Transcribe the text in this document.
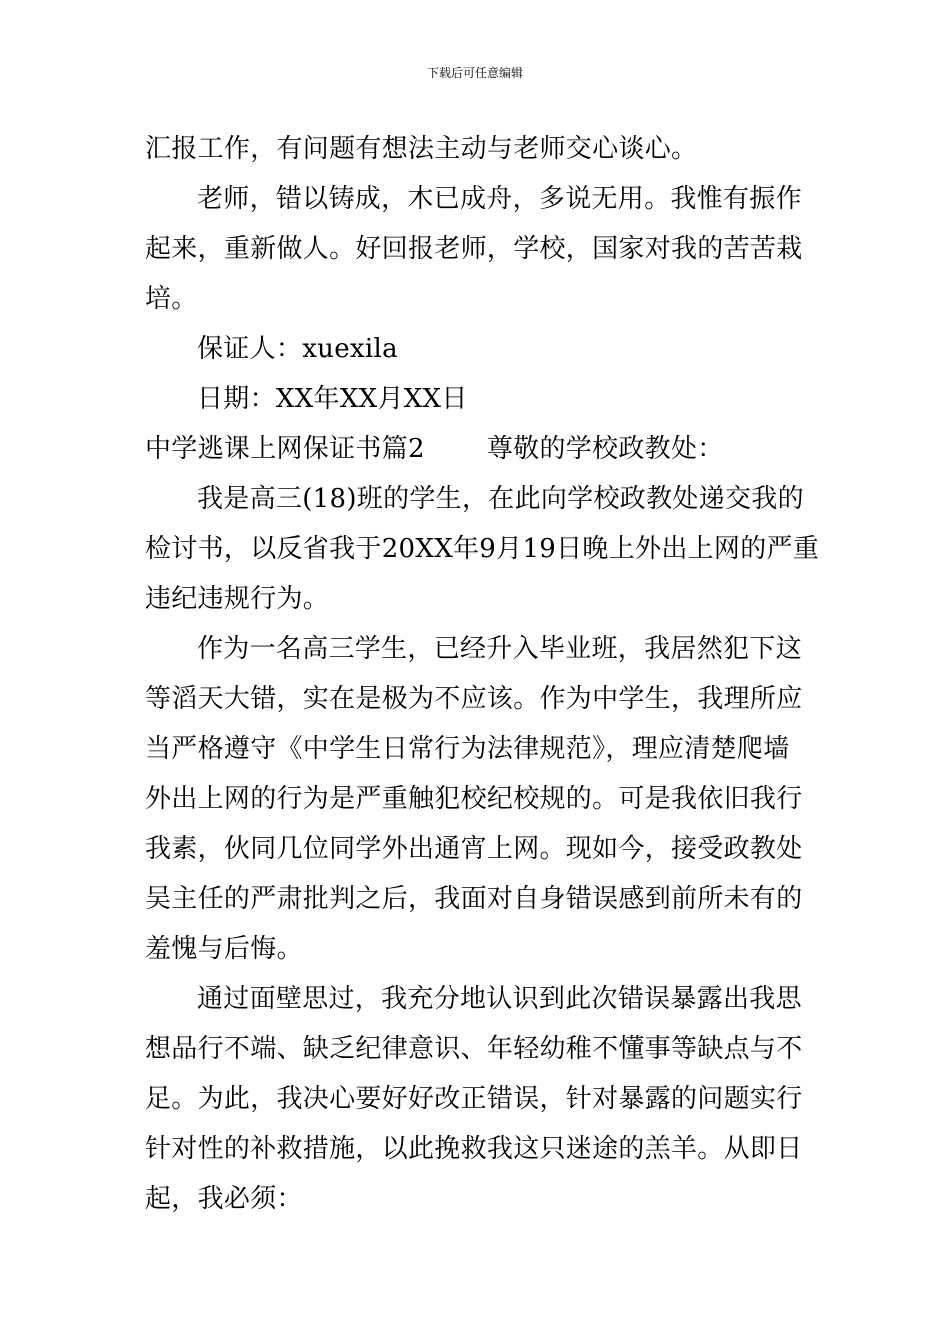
下载后可任意编辑
汇报工作，有问题有想法主动与老师交心谈心。
老师，错以铸成，木已成舟，多说无用。我惟有振作
起来，重新做人。好回报老师，学校，国家对我的苦苦栽
培。
保证人：xuexila
日期：XX年XX月XX日
中学逃课上网保证书篇2 尊敬的学校政教处：
我是高三(18)班的学生，在此向学校政教处递交我的
检讨书，以反省我于20XX年9月19日晚上外出上网的严重
违纪违规行为。
作为一名高三学生，已经升入毕业班，我居然犯下这
等滔天大错，实在是极为不应该。作为中学生，我理所应
当严格遵守《中学生日常行为法律规范》，理应清楚爬墙
外出上网的行为是严重触犯校纪校规的。可是我依旧我行
我素，伙同几位同学外出通宵上网。现如今，接受政教处
吴主任的严肃批判之后，我面对自身错误感到前所未有的
羞愧与后悔。
通过面壁思过，我充分地认识到此次错误暴露出我思
想品行不端、缺乏纪律意识、年轻幼稚不懂事等缺点与不
足。为此，我决心要好好改正错误，针对暴露的问题实行
针对性的补救措施，以此挽救我这只迷途的羔羊。从即日
起，我必须：
